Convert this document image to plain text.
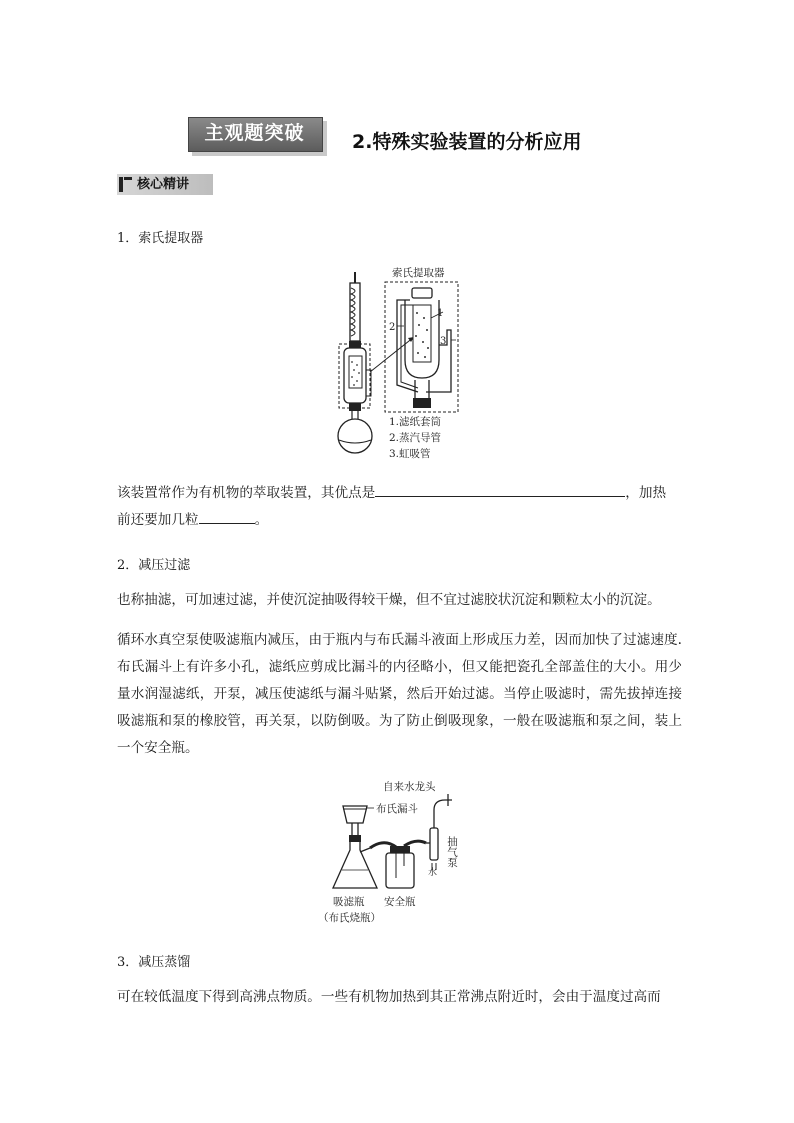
主观题突破	2.特殊实验装置的分析应用
核心精讲
1．索氏提取器
索氏提取器
1
2
3
1.滤纸套筒
2.蒸汽导管
3.虹吸管
该装置常作为有机物的萃取装置，其优点是	，加热
前还要加几粒	。
2．减压过滤
也称抽滤，可加速过滤，并使沉淀抽吸得较干燥，但不宜过滤胶状沉淀和颗粒太小的沉淀。
循环水真空泵使吸滤瓶内减压，由于瓶内与布氏漏斗液面上形成压力差，因而加快了过滤速度. 布氏漏斗上有许多小孔，滤纸应剪成比漏斗的内径略小，但又能把瓷孔全部盖住的大小。用少量水润湿滤纸，开泵，减压使滤纸与漏斗贴紧，然后开始过滤。当停止吸滤时，需先拔掉连接吸滤瓶和泵的橡胶管，再关泵，以防倒吸。为了防止倒吸现象，一般在吸滤瓶和泵之间，装上一个安全瓶。
自来水龙头
布氏漏斗
抽气泵
水
吸滤瓶
（布氏烧瓶）
安全瓶
3．减压蒸馏
可在较低温度下得到高沸点物质。一些有机物加热到其正常沸点附近时，会由于温度过高而
